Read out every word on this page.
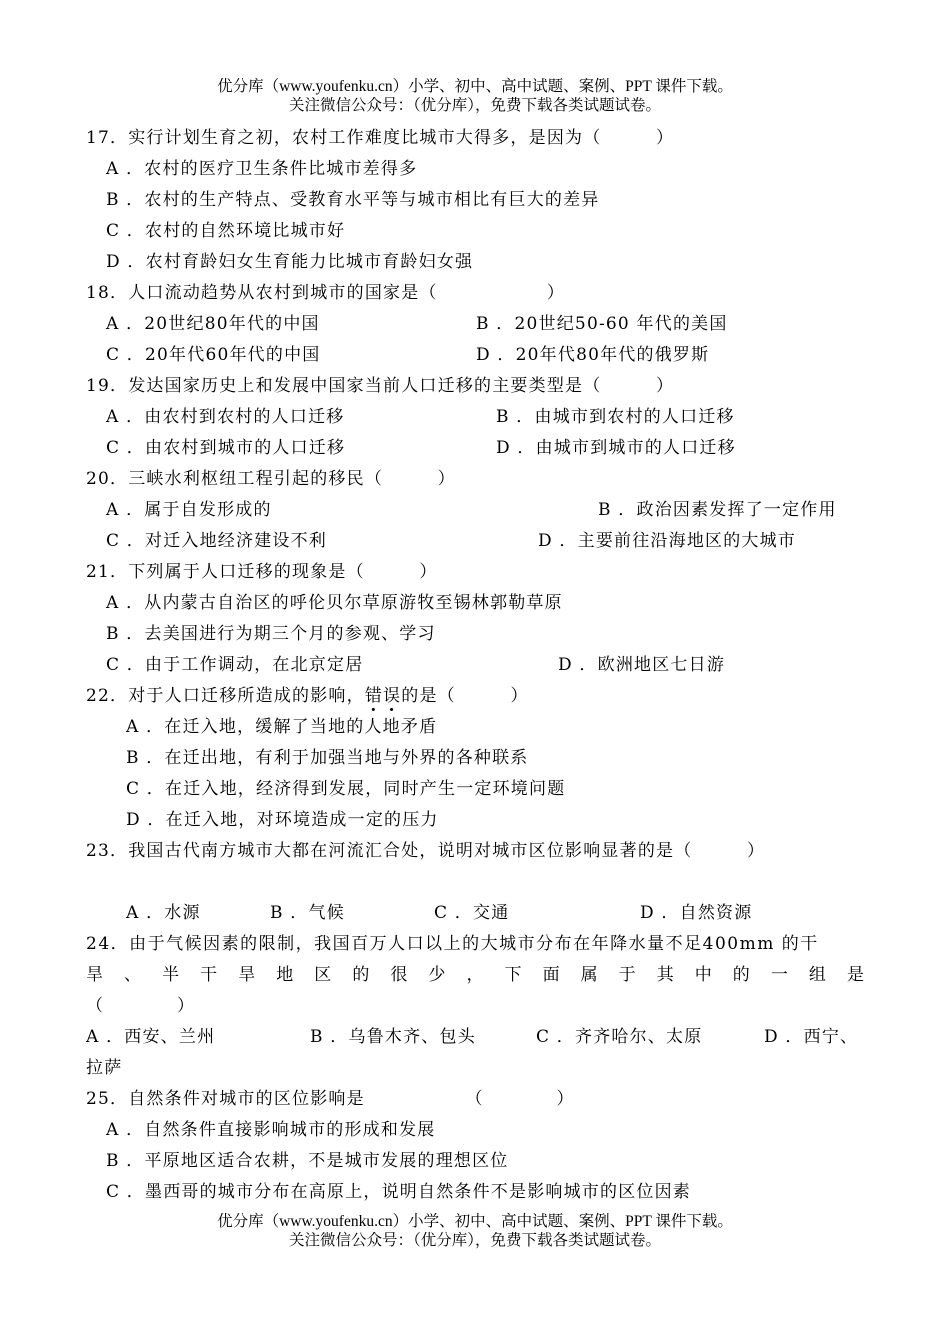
优分库（www.youfenku.cn）小学、初中、高中试题、案例、PPT 课件下载。
关注微信公众号：（优分库），免费下载各类试题试卷。
17．实行计划生育之初，农村工作难度比城市大得多，是因为（　　　）
A ．农村的医疗卫生条件比城市差得多
B ．农村的生产特点、受教育水平等与城市相比有巨大的差异
C ．农村的自然环境比城市好
D ．农村育龄妇女生育能力比城市育龄妇女强
18．人口流动趋势从农村到城市的国家是（　　　　　　）
A ．20世纪80年代的中国	B ．20世纪50-60 年代的美国
C ．20年代60年代的中国	D ．20年代80年代的俄罗斯
19．发达国家历史上和发展中国家当前人口迁移的主要类型是（　　　）
A ．由农村到农村的人口迁移	B ．由城市到农村的人口迁移
C ．由农村到城市的人口迁移	D ．由城市到城市的人口迁移
20．三峡水利枢纽工程引起的移民（　　　）
A ．属于自发形成的	B ．政治因素发挥了一定作用
C ．对迁入地经济建设不利	D ．主要前往沿海地区的大城市
21．下列属于人口迁移的现象是（　　　）
A ．从内蒙古自治区的呼伦贝尔草原游牧至锡林郭勒草原
B ．去美国进行为期三个月的参观、学习
C ．由于工作调动，在北京定居	D ．欧洲地区七日游
22．对于人口迁移所造成的影响，错误的是（　　　）
A ．在迁入地，缓解了当地的人地矛盾
B ．在迁出地，有利于加强当地与外界的各种联系
C ．在迁入地，经济得到发展，同时产生一定环境问题
D ．在迁入地，对环境造成一定的压力
23．我国古代南方城市大都在河流汇合处，说明对城市区位影响显著的是（　　　）
A ．水源	B ．气候	C ．交通	D ．自然资源
24．由于气候因素的限制，我国百万人口以上的大城市分布在年降水量不足400mm 的干
旱 、 半 干 旱 地 区 的 很 少 ， 下 面 属 于 其 中 的 一 组 是
（　　　　）
A ．西安、兰州	B ．乌鲁木齐、包头	C ．齐齐哈尔、太原	D ．西宁、
拉萨
25．自然条件对城市的区位影响是　　　　　　（　　　　）
A ．自然条件直接影响城市的形成和发展
B ．平原地区适合农耕，不是城市发展的理想区位
C ．墨西哥的城市分布在高原上，说明自然条件不是影响城市的区位因素
优分库（www.youfenku.cn）小学、初中、高中试题、案例、PPT 课件下载。
关注微信公众号：（优分库），免费下载各类试题试卷。
